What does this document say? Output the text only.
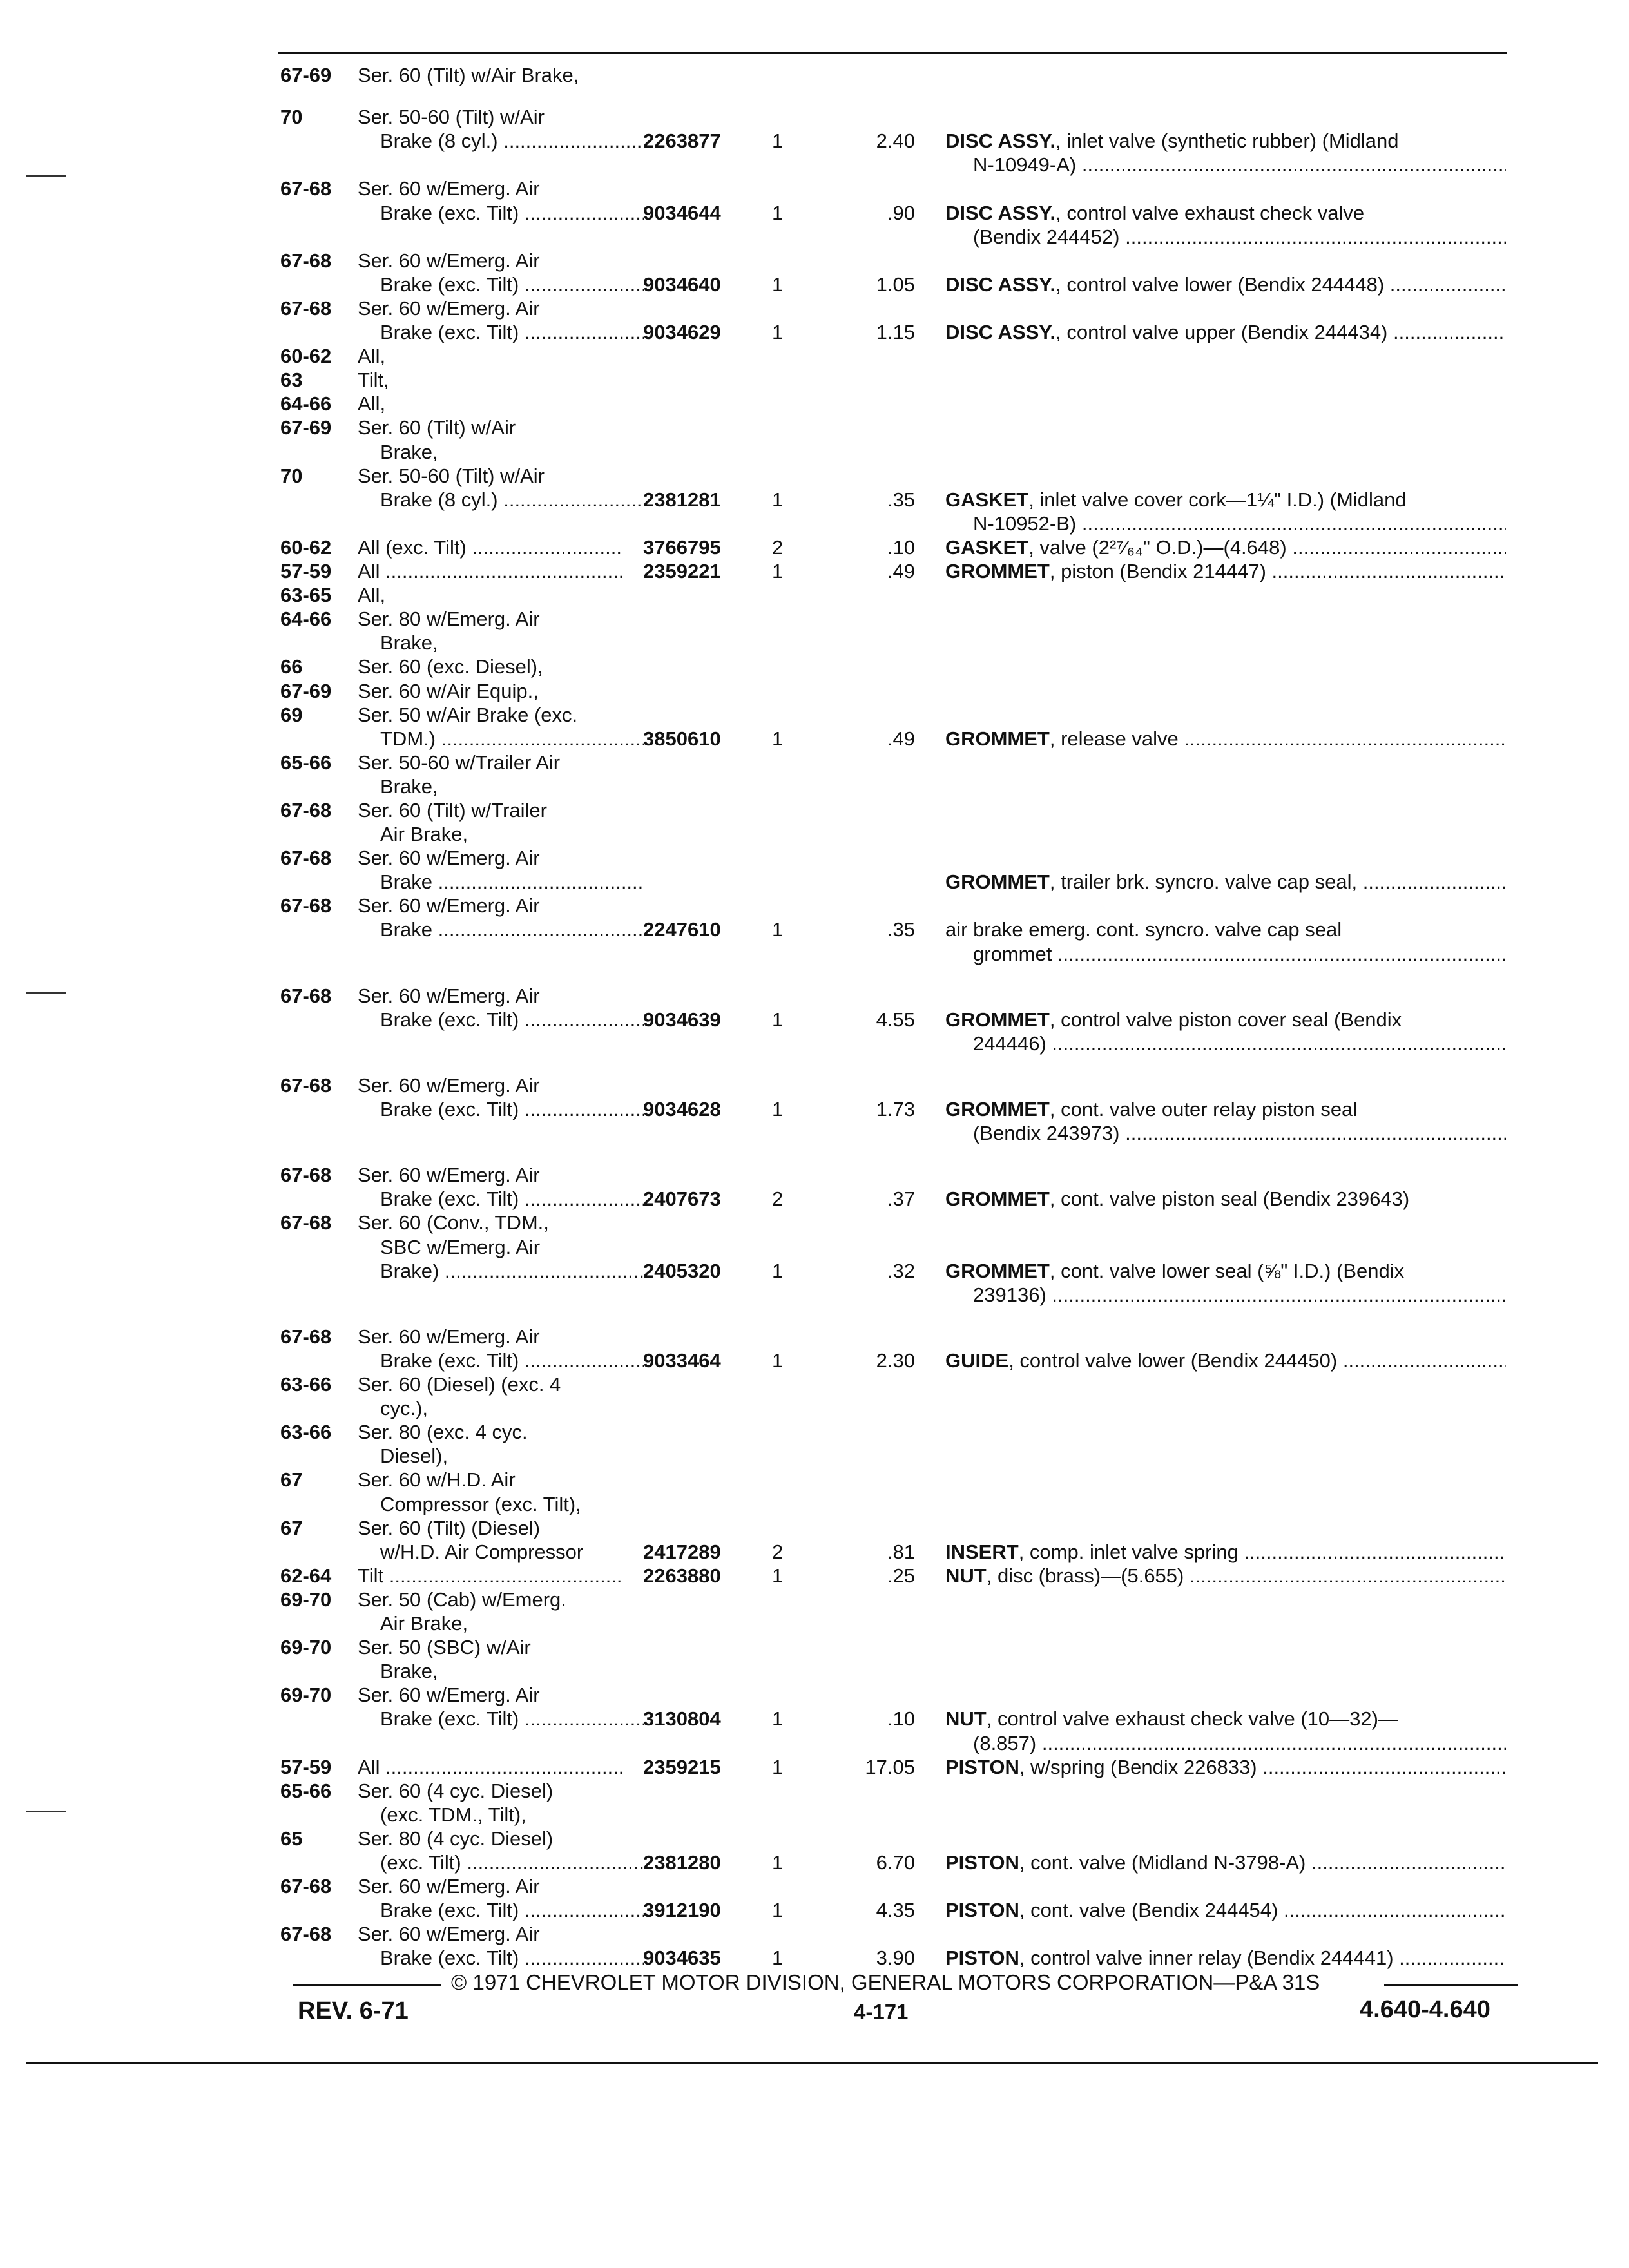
67-69 Ser. 60 (Tilt) w/Air Brake,
70	Ser. 50-60 (Tilt) w/Air
Brake (8 cyl.) .....	2263877	1	2.40 DISC ASSY., inlet valve (synthetic rubber) (Midland
N-10949-A) .....
67-68 Ser. 60 w/Emerg. Air
Brake (exc. Tilt) .....	9034644	1	.90 DISC ASSY., control valve exhaust check valve
(Bendix 244452) .....
67-68 Ser. 60 w/Emerg. Air
Brake (exc. Tilt) .....	9034640	1	1.05 DISC ASSY., control valve lower (Bendix 244448) .....
67-68 Ser. 60 w/Emerg. Air
Brake (exc. Tilt) .....	9034629	1	1.15 DISC ASSY., control valve upper (Bendix 244434) .....
60-62 All,
63	Tilt,
64-66 All,
67-69 Ser. 60 (Tilt) w/Air
Brake,
70	Ser. 50-60 (Tilt) w/Air
Brake (8 cyl.) .....	2381281	1	.35 GASKET, inlet valve cover cork—1¼" I.D.) (Midland
N-10952-B) .....
60-62 All (exc. Tilt) .....	3766795	2	.10 GASKET, valve (2²⁷⁄₆₄" O.D.)—(4.648) .....
57-59 All .....	2359221	1	.49 GROMMET, piston (Bendix 214447) .....
63-65 All,
64-66 Ser. 80 w/Emerg. Air
Brake,
66	Ser. 60 (exc. Diesel),
67-69 Ser. 60 w/Air Equip.,
69	Ser. 50 w/Air Brake (exc.
TDM.) .....	3850610	1	.49 GROMMET, release valve .....
65-66 Ser. 50-60 w/Trailer Air
Brake,
67-68 Ser. 60 (Tilt) w/Trailer
Air Brake,
67-68 Ser. 60 w/Emerg. Air
Brake .....	GROMMET, trailer brk. syncro. valve cap seal, .....
67-68 Ser. 60 w/Emerg. Air
Brake .....	2247610	1	.35 air brake emerg. cont. syncro. valve cap seal
grommet .....
67-68 Ser. 60 w/Emerg. Air
Brake (exc. Tilt) .....	9034639	1	4.55 GROMMET, control valve piston cover seal (Bendix
244446) .....
67-68 Ser. 60 w/Emerg. Air
Brake (exc. Tilt) .....	9034628	1	1.73 GROMMET, cont. valve outer relay piston seal
(Bendix 243973) .....
67-68 Ser. 60 w/Emerg. Air
Brake (exc. Tilt) .....	2407673	2	.37 GROMMET, cont. valve piston seal (Bendix 239643)
67-68 Ser. 60 (Conv., TDM.,
SBC w/Emerg. Air
Brake) .....	2405320	1	.32 GROMMET, cont. valve lower seal (⅝" I.D.) (Bendix
239136) .....
67-68 Ser. 60 w/Emerg. Air
Brake (exc. Tilt) .....	9033464	1	2.30 GUIDE, control valve lower (Bendix 244450) .....
63-66 Ser. 60 (Diesel) (exc. 4
cyc.),
63-66 Ser. 80 (exc. 4 cyc.
Diesel),
67	Ser. 60 w/H.D. Air
Compressor (exc. Tilt),
67	Ser. 60 (Tilt) (Diesel)
w/H.D. Air Compressor	2417289	2	.81 INSERT, comp. inlet valve spring .....
62-64 Tilt .....	2263880	1	.25 NUT, disc (brass)—(5.655) .....
69-70 Ser. 50 (Cab) w/Emerg.
Air Brake,
69-70 Ser. 50 (SBC) w/Air
Brake,
69-70 Ser. 60 w/Emerg. Air
Brake (exc. Tilt) .....	3130804	1	.10 NUT, control valve exhaust check valve (10—32)—
(8.857) .....
57-59 All .....	2359215	1	17.05 PISTON, w/spring (Bendix 226833) .....
65-66 Ser. 60 (4 cyc. Diesel)
(exc. TDM., Tilt),
65	Ser. 80 (4 cyc. Diesel)
(exc. Tilt) .....	2381280	1	6.70 PISTON, cont. valve (Midland N-3798-A) .....
67-68 Ser. 60 w/Emerg. Air
Brake (exc. Tilt) .....	3912190	1	4.35 PISTON, cont. valve (Bendix 244454) .....
67-68 Ser. 60 w/Emerg. Air
Brake (exc. Tilt) .....	9034635	1	3.90 PISTON, control valve inner relay (Bendix 244441) .....
© 1971 CHEVROLET MOTOR DIVISION, GENERAL MOTORS CORPORATION—P&A 31S
REV. 6-71	4-171	4.640-4.640
